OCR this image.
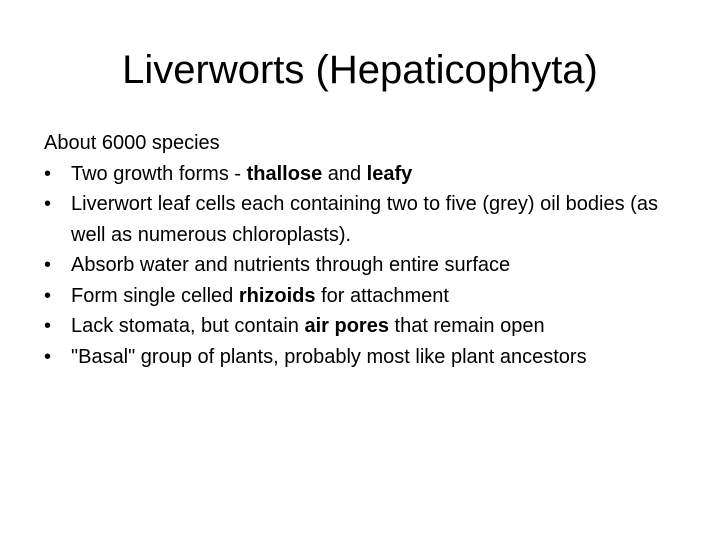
Liverworts (Hepaticophyta)

About 6000 species

• Two growth forms - thallose and leafy
• Liverwort leaf cells each containing two to five (grey) oil bodies (as well as numerous chloroplasts).
• Absorb water and nutrients through entire surface
• Form single celled rhizoids for attachment
• Lack stomata, but contain air pores that remain open
• "Basal" group of plants, probably most like plant ancestors
